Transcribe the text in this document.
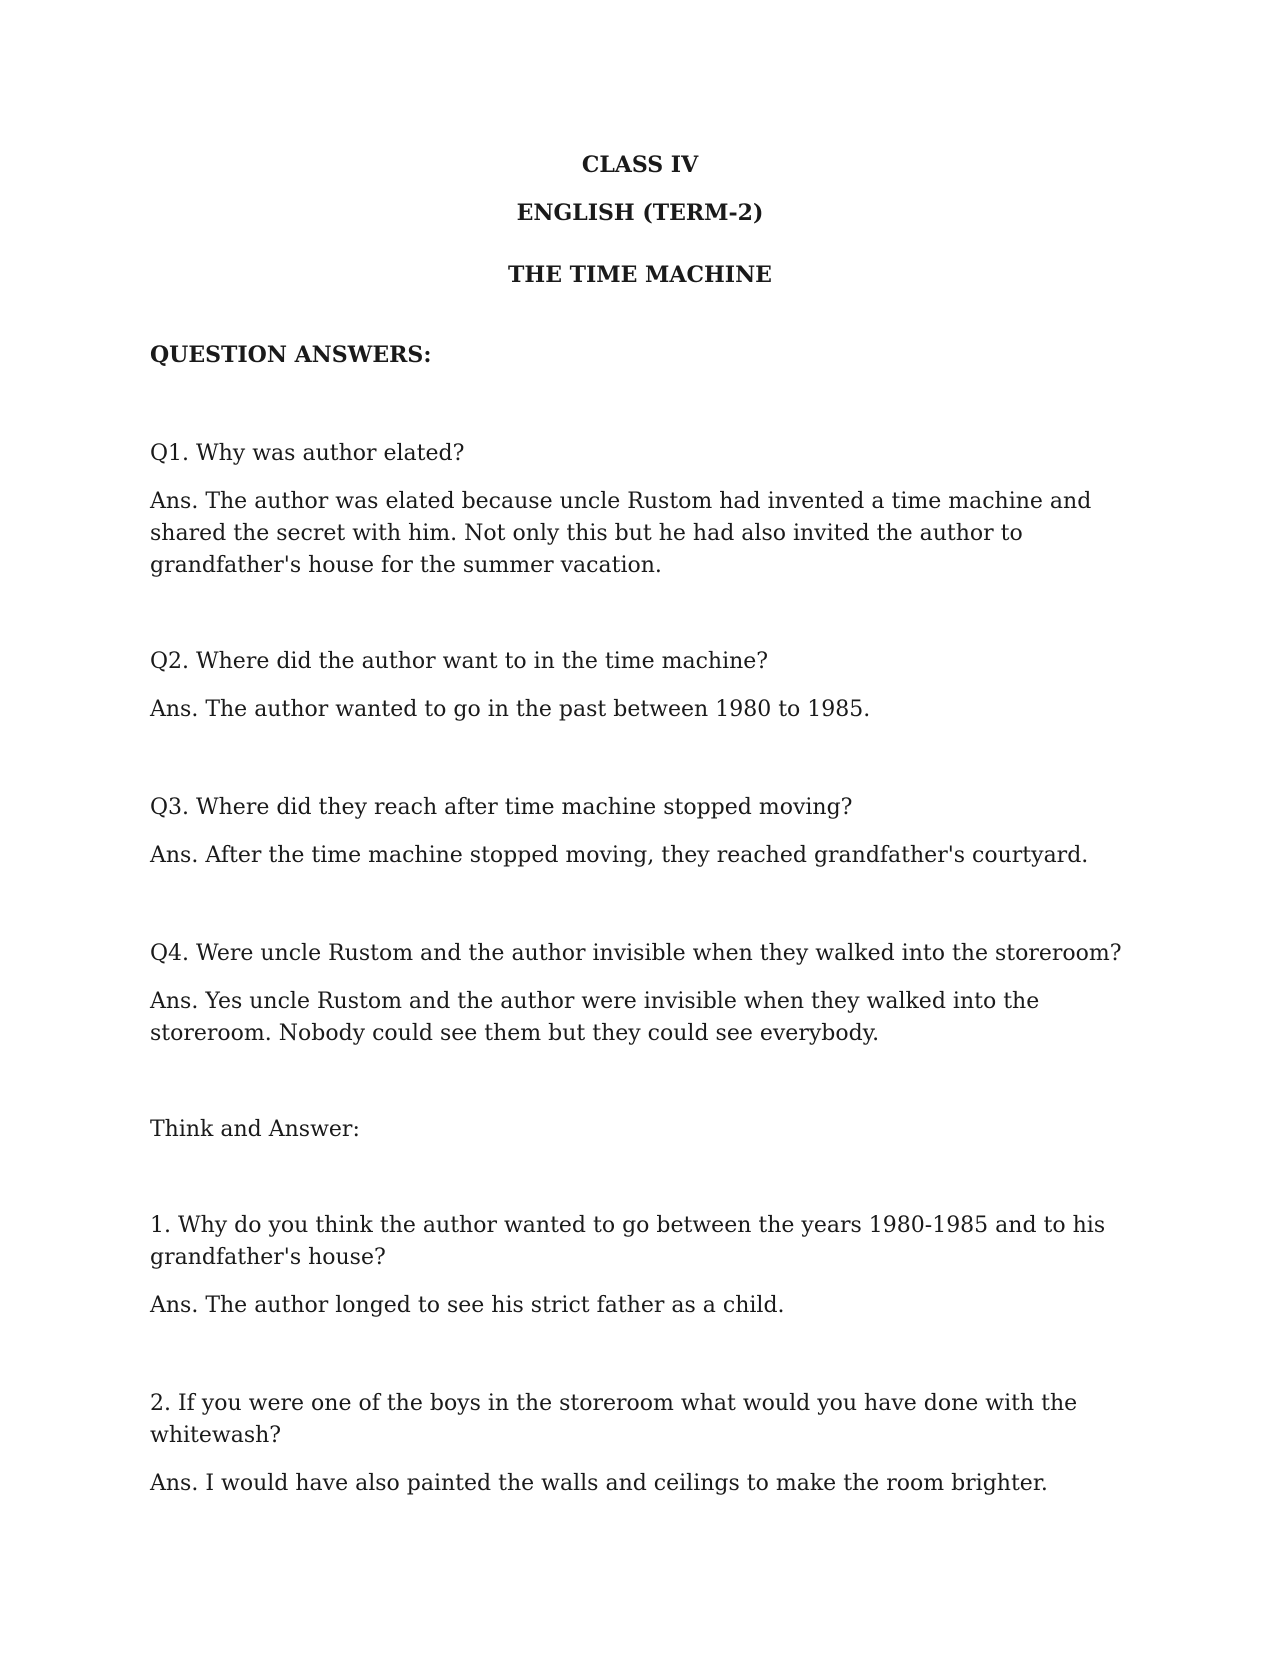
CLASS IV
ENGLISH (TERM-2)
THE TIME MACHINE
QUESTION ANSWERS:

Q1. Why was author elated?

Ans. The author was elated because uncle Rustom had invented a time machine and shared the secret with him. Not only this but he had also invited the author to grandfather's house for the summer vacation.

Q2. Where did the author want to in the time machine?

Ans. The author wanted to go in the past between 1980 to 1985.

Q3. Where did they reach after time machine stopped moving?

Ans. After the time machine stopped moving, they reached grandfather's courtyard.

Q4. Were uncle Rustom and the author invisible when they walked into the storeroom?

Ans. Yes uncle Rustom and the author were invisible when they walked into the storeroom. Nobody could see them but they could see everybody.

Think and Answer:

1. Why do you think the author wanted to go between the years 1980-1985 and to his grandfather's house?

Ans. The author longed to see his strict father as a child.

2. If you were one of the boys in the storeroom what would you have done with the whitewash?

Ans. I would have also painted the walls and ceilings to make the room brighter.
